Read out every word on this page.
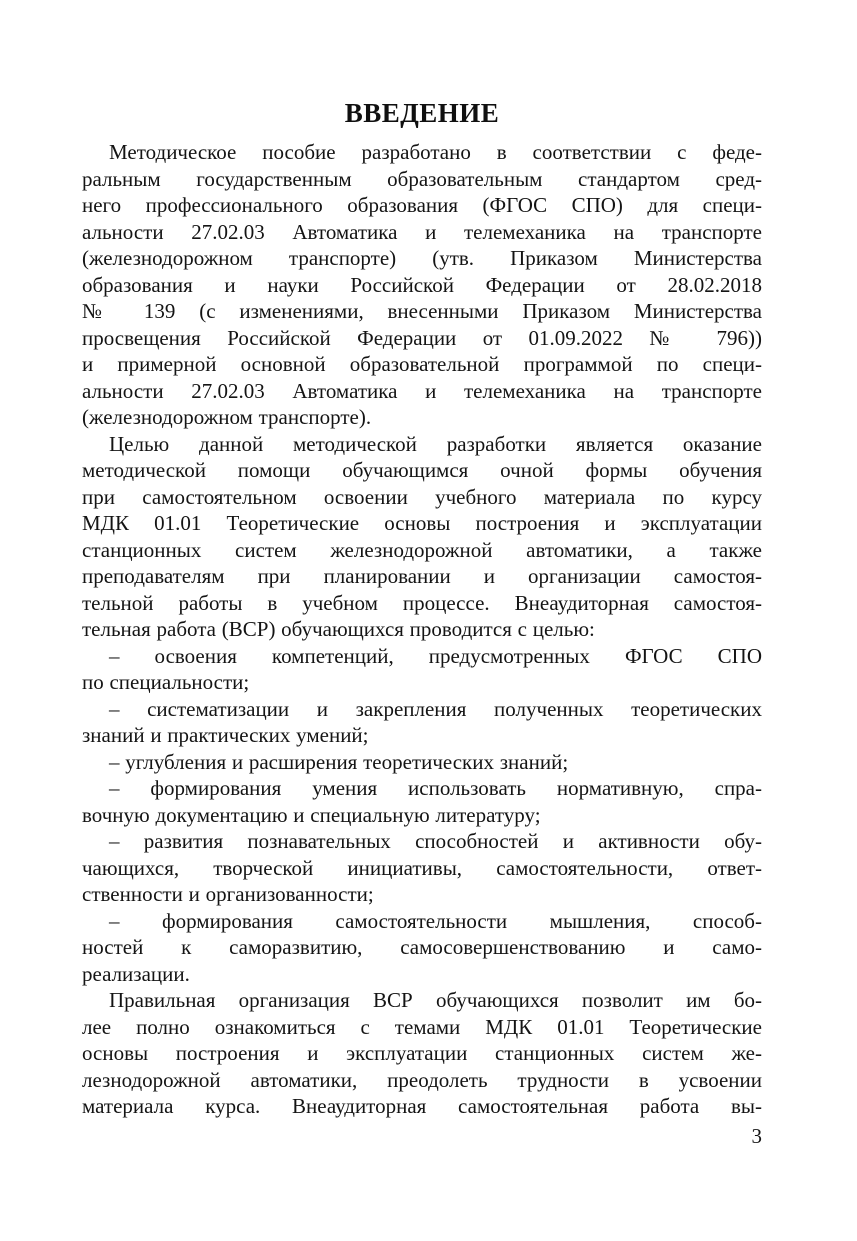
ВВЕДЕНИЕ
Методическое пособие разработано в соответствии с феде-
ральным государственным образовательным стандартом сред-
него профессионального образования (ФГОС СПО) для специ-
альности 27.02.03 Автоматика и телемеханика на транспорте
(железнодорожном транспорте) (утв. Приказом Министерства
образования и науки Российской Федерации от 28.02.2018
№ 139 (с изменениями, внесенными Приказом Министерства
просвещения Российской Федерации от 01.09.2022 № 796))
и примерной основной образовательной программой по специ-
альности 27.02.03 Автоматика и телемеханика на транспорте
(железнодорожном транспорте).
Целью данной методической разработки является оказание
методической помощи обучающимся очной формы обучения
при самостоятельном освоении учебного материала по курсу
МДК 01.01 Теоретические основы построения и эксплуатации
станционных систем железнодорожной автоматики, а также
преподавателям при планировании и организации самостоя-
тельной работы в учебном процессе. Внеаудиторная самостоя-
тельная работа (ВСР) обучающихся проводится с целью:
– освоения компетенций, предусмотренных ФГОС СПО
по специальности;
– систематизации и закрепления полученных теоретических
знаний и практических умений;
– углубления и расширения теоретических знаний;
– формирования умения использовать нормативную, спра-
вочную документацию и специальную литературу;
– развития познавательных способностей и активности обу-
чающихся, творческой инициативы, самостоятельности, ответ-
ственности и организованности;
– формирования самостоятельности мышления, способ-
ностей к саморазвитию, самосовершенствованию и само-
реализации.
Правильная организация ВСР обучающихся позволит им бо-
лее полно ознакомиться с темами МДК 01.01 Теоретические
основы построения и эксплуатации станционных систем же-
лезнодорожной автоматики, преодолеть трудности в усвоении
материала курса. Внеаудиторная самостоятельная работа вы-
3
